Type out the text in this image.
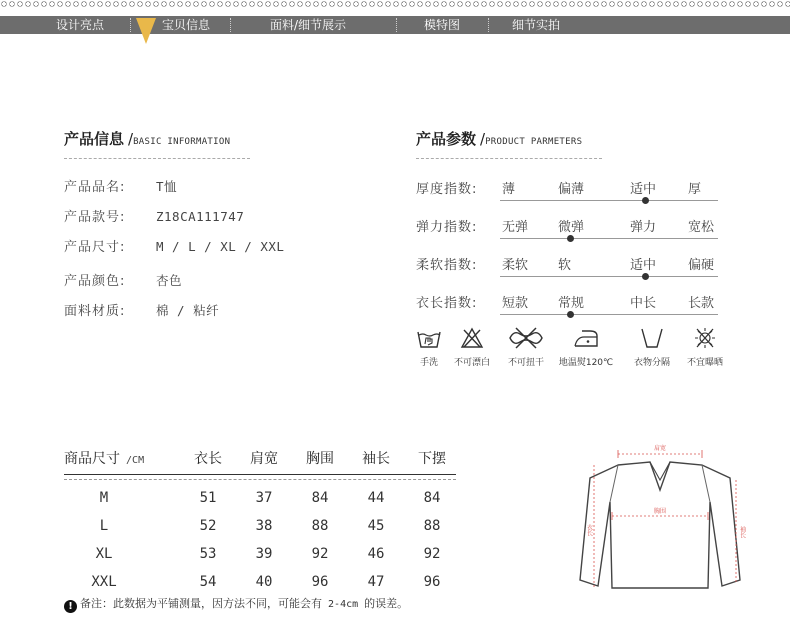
设计亮点	宝贝信息	面料/细节展示	模特图	细节实拍
产品信息 /BASIC INFORMATION
产品品名: T恤
产品款号: Z18CA111747
产品尺寸: M / L / XL / XXL
产品颜色: 杏色
面料材质: 棉 / 粘纤
产品参数 /PRODUCT PARMETERS
厚度指数: 薄	偏薄	适中 厚
弹力指数: 无弹 微弹	弹力 宽松
柔软指数: 柔软 软	适中 偏硬
衣长指数: 短款 常规	中长 长款
手洗	不可漂白	不可扭干	地温熨120℃	衣物分隔	不宜曝晒
商品尺寸 /CM	衣长	肩宽	胸围	袖长	下摆
M	51	37	84	44	84
L	52	38	88	45	88
XL	53	39	92	46	92
XXL	54	40	96	47	96
! 备注：此数据为平铺测量，因方法不同，可能会有 2-4cm 的误差。
肩宽
胸围
衣长	袖长
